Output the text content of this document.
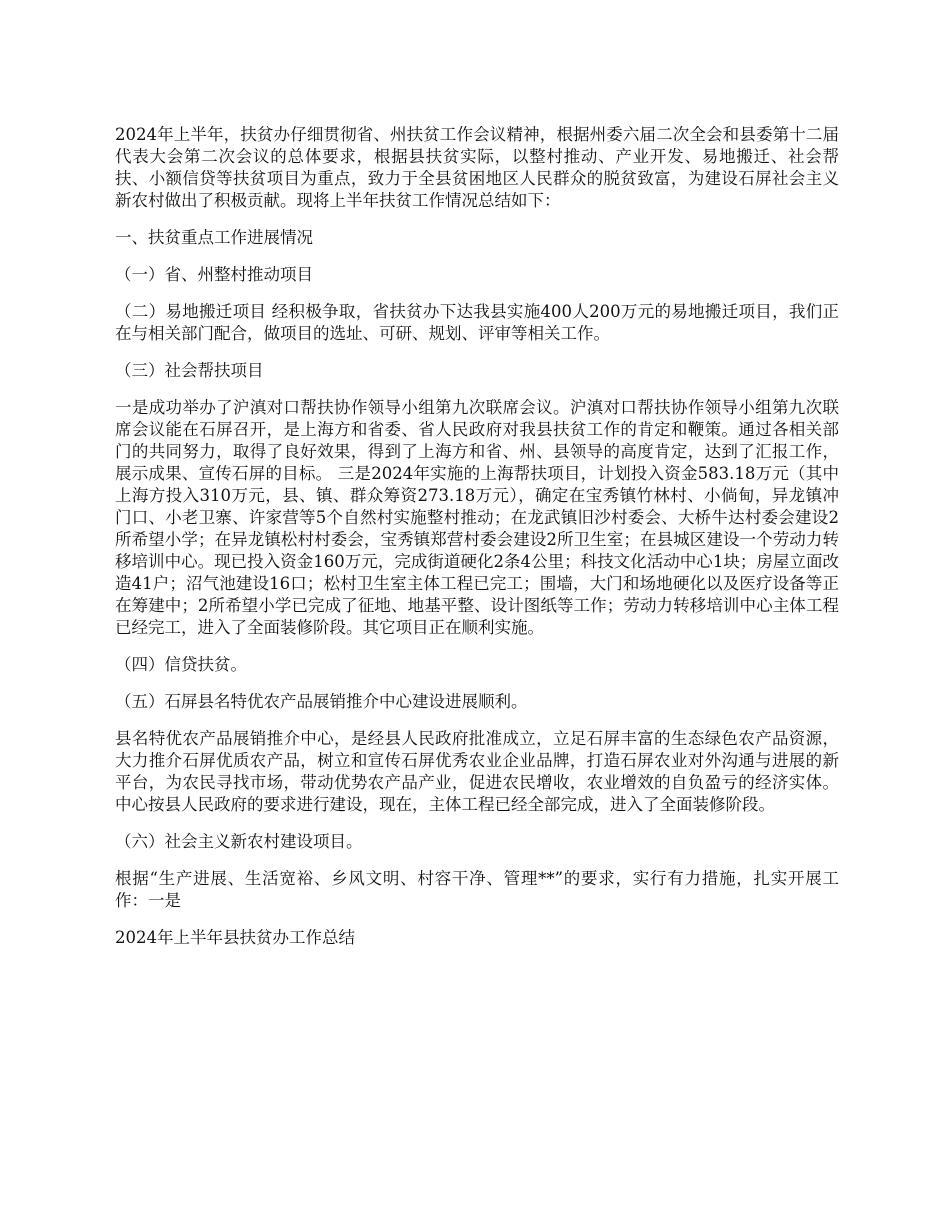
2024年上半年，扶贫办仔细贯彻省、州扶贫工作会议精神，根据州委六届二次全会和县委第十二届代表大会第二次会议的总体要求，根据县扶贫实际，以整村推动、产业开发、易地搬迁、社会帮扶、小额信贷等扶贫项目为重点，致力于全县贫困地区人民群众的脱贫致富，为建设石屏社会主义新农村做出了积极贡献。现将上半年扶贫工作情况总结如下：

一、扶贫重点工作进展情况

（一）省、州整村推动项目

（二）易地搬迁项目 经积极争取，省扶贫办下达我县实施400人200万元的易地搬迁项目，我们正在与相关部门配合，做项目的选址、可研、规划、评审等相关工作。

（三）社会帮扶项目

一是成功举办了沪滇对口帮扶协作领导小组第九次联席会议。沪滇对口帮扶协作领导小组第九次联席会议能在石屏召开，是上海方和省委、省人民政府对我县扶贫工作的肯定和鞭策。通过各相关部门的共同努力，取得了良好效果，得到了上海方和省、州、县领导的高度肯定，达到了汇报工作，展示成果、宣传石屏的目标。 三是2024年实施的上海帮扶项目，计划投入资金583.18万元（其中上海方投入310万元，县、镇、群众筹资273.18万元），确定在宝秀镇竹林村、小倘甸，异龙镇冲门口、小老卫寨、许家营等5个自然村实施整村推动；在龙武镇旧沙村委会、大桥牛达村委会建设2所希望小学；在异龙镇松村村委会，宝秀镇郑营村委会建设2所卫生室；在县城区建设一个劳动力转移培训中心。现已投入资金160万元，完成街道硬化2条4公里；科技文化活动中心1块；房屋立面改造41户；沼气池建设16口；松村卫生室主体工程已完工；围墙，大门和场地硬化以及医疗设备等正在筹建中；2所希望小学已完成了征地、地基平整、设计图纸等工作；劳动力转移培训中心主体工程已经完工，进入了全面装修阶段。其它项目正在顺利实施。

（四）信贷扶贫。

（五）石屏县名特优农产品展销推介中心建设进展顺利。

县名特优农产品展销推介中心，是经县人民政府批准成立，立足石屏丰富的生态绿色农产品资源，大力推介石屏优质农产品，树立和宣传石屏优秀农业企业品牌，打造石屏农业对外沟通与进展的新平台，为农民寻找市场，带动优势农产品产业，促进农民增收，农业增效的自负盈亏的经济实体。中心按县人民政府的要求进行建设，现在，主体工程已经全部完成，进入了全面装修阶段。

（六）社会主义新农村建设项目。

根据“生产进展、生活宽裕、乡风文明、村容干净、管理**”的要求，实行有力措施，扎实开展工作：一是

2024年上半年县扶贫办工作总结
